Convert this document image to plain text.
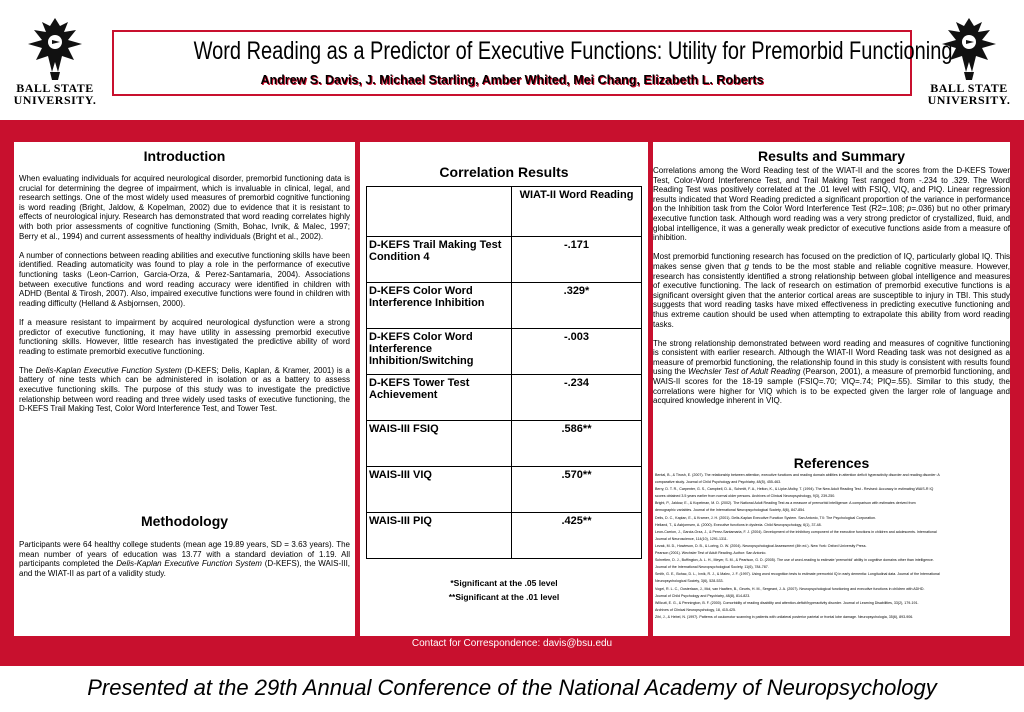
BALL STATE
UNIVERSITY.
Word Reading as a Predictor of Executive Functions: Utility for Premorbid Functioning
Andrew S. Davis, J. Michael Starling, Amber Whited, Mei Chang, Elizabeth L. Roberts
BALL STATE
UNIVERSITY.
Introduction

When evaluating individuals for acquired neurological disorder, premorbid functioning data is crucial for determining the degree of impairment, which is invaluable in clinical, legal, and research settings. One of the most widely used measures of premorbid cognitive functioning is word reading (Bright, Jaldow, & Kopelman, 2002) due to evidence that it is resistant to effects of neurological injury. Research has demonstrated that word reading correlates highly with both prior assessments of cognitive functioning (Smith, Bohac, Ivnik, & Malec, 1997; Berry et al., 1994) and current assessments of healthy individuals (Bright et al., 2002).

A number of connections between reading abilities and executive functioning skills have been identified. Reading automaticity was found to play a role in the performance of executive functioning tasks (Leon-Carrion, Garcia-Orza, & Perez-Santamaria, 2004). Associations between executive functions and word reading accuracy were identified in children with ADHD (Bental & Tirosh, 2007). Also, impaired executive functions were found in children with reading difficulty (Helland & Asbjornsen, 2000).

If a measure resistant to impairment by acquired neurological dysfunction were a strong predictor of executive functioning, it may have utility in assessing premorbid executive functioning skills. However, little research has investigated the predictive ability of word reading to estimate premorbid executive functioning.

The Delis-Kaplan Executive Function System (D-KEFS; Delis, Kaplan, & Kramer, 2001) is a battery of nine tests which can be administered in isolation or as a battery to assess executive functioning skills. The purpose of this study was to investigate the predictive relationship between word reading and three widely used tasks of executive functioning, the D-KEFS Trail Making Test, Color Word Interference Test, and Tower Test.

Methodology

Participants were 64 healthy college students (mean age 19.89 years, SD = 3.63 years). The mean number of years of education was 13.77 with a standard deviation of 1.19. All participants completed the Delis-Kaplan Executive Function System (D-KEFS), the WAIS-III, and the WIAT-II as part of a validity study.

Correlation Results
	WIAT-II Word Reading
D-KEFS Trail Making Test Condition 4	-.171
D-KEFS Color Word Interference Inhibition	.329*
D-KEFS Color Word Interference Inhibition/Switching	-.003
D-KEFS Tower Test Achievement	-.234
WAIS-III FSIQ	.586**
WAIS-III VIQ	.570**
WAIS-III PIQ	.425**
*Significant at the .05 level
**Significant at the .01 level
Results and Summary

Correlations among the Word Reading test of the WIAT-II and the scores from the D-KEFS Tower Test, Color-Word Interference Test, and Trail Making Test ranged from -.234 to .329. The Word Reading Test was positively correlated at the .01 level with FSIQ, VIQ, and PIQ. Linear regression results indicated that Word Reading predicted a significant proportion of the variance in performance on the Inhibition task from the Color Word Interference Test (R2=.108; p=.036) but no other primary executive function task. Although word reading was a very strong predictor of crystallized, fluid, and global intelligence, it was a generally weak predictor of executive functions aside from a measure of inhibition.

Most premorbid functioning research has focused on the prediction of IQ, particularly global IQ. This makes sense given that g tends to be the most stable and reliable cognitive measure. However, research has consistently identified a strong relationship between global intelligence and measures of executive functioning. The lack of research on estimation of premorbid executive functions is a significant oversight given that the anterior cortical areas are susceptible to injury in TBI. This study suggests that word reading tasks have mixed effectiveness in predicting executive functioning and thus extreme caution should be used when attempting to extrapolate this ability from word reading tasks.

The strong relationship demonstrated between word reading and measures of cognitive functioning is consistent with earlier research. Although the WIAT-II Word Reading task was not designed as a measure of premorbid functioning, the relationship found in this study is consistent with results found using the Wechsler Test of Adult Reading (Pearson, 2001), a measure of premorbid functioning, and WAIS-II scores for the 18-19 sample (FSIQ=.70; VIQ=.74; PIQ=.55). Similar to this study, the correlations were higher for VIQ which is to be expected given the larger role of language and acquired knowledge inherent in VIQ.

References
Bental, B., & Tirosh, E. (2007). The relationship between attention, executive functions and reading domain abilities in attention deficit hyperactivity disorder and reading disorder: A
comparative study. Journal of Child Psychology and Psychiatry, 48(5), 455-463.
Berry, D. T. R., Carpenter, G. S., Campbell, D. A., Schmitt, F. A., Helton, K., & Lipke-Molby, T. (1994). The New Adult Reading Test - Revised: Accuracy in estimating WAIS-R IQ
scores obtained 3.5 years earlier from normal older persons. Archives of Clinical Neuropsychology, 9(3), 239-250.
Bright, P., Jaldow, E., & Kopelman, M. D. (2002). The National Adult Reading Test as a measure of premorbid intelligence: A comparison with estimates derived from
demographic variables. Journal of the International Neuropsychological Society, 8(6), 847-854.
Delis, D. C., Kaplan, E., & Kramer, J. H. (2001). Delis-Kaplan Executive Function System. San Antonio, TX: The Psychological Corporation.
Helland, T., & Asbjornsen, A. (2000). Executive functions in dyslexia. Child Neuropsychology, 6(1), 37-48.
Leon-Carrion, J., Garcia-Orza, J., & Perez-Santamaria, F. J. (2004). Development of the inhibitory component of the executive functions in children and adolescents. International
Journal of Neuroscience, 114(10), 1291-1311.
Lezak, M. D., Howieson, D. B., & Loring, D. W. (2004). Neuropsychological Assessment (4th ed.). New York: Oxford University Press.
Pearson (2001). Wechsler Test of Adult Reading. Author: San Antonio.
Schretlen, D. J., Buffington, A. L. H., Meyer, S. M., & Pearlson, G. D. (2005). The use of word-reading to estimate 'premorbid' ability in cognitive domains other than intelligence.
Journal of the International Neuropsychological Society, 11(6), 784-787.
Smith, G. E., Bohac, D. L., Ivnik, R. J., & Malec, J. F. (1997). Using word recognition tests to estimate premorbid IQ in early dementia: Longitudinal data. Journal of the International
Neuropsychological Society, 3(6), 528-533.
Vogel, R. L. C., Oosterlaan, J., Mol, van Haaften, B., Geurts, H. M., Sergeant, J. A. (2007). Neuropsychological functioning and executive functions in children with ADHD.
Journal of Child Psychology and Psychiatry, 48(8), 814-823.
Willcutt, E. G., & Pennington, B. F. (2000). Comorbidity of reading disability and attention-deficit/hyperactivity disorder. Journal of Learning Disabilities, 33(2), 179-191.
Archives of Clinical Neuropsychology, 18, 415-425.
Zihl, J., & Hebel, N. (1997). Patterns of oculomotor scanning in patients with unilateral posterior parietal or frontal lobe damage. Neuropsychologia, 35(6), 893-906.
Contact for Correspondence: davis@bsu.edu
Presented at the 29th Annual Conference of the National Academy of Neuropsychology
